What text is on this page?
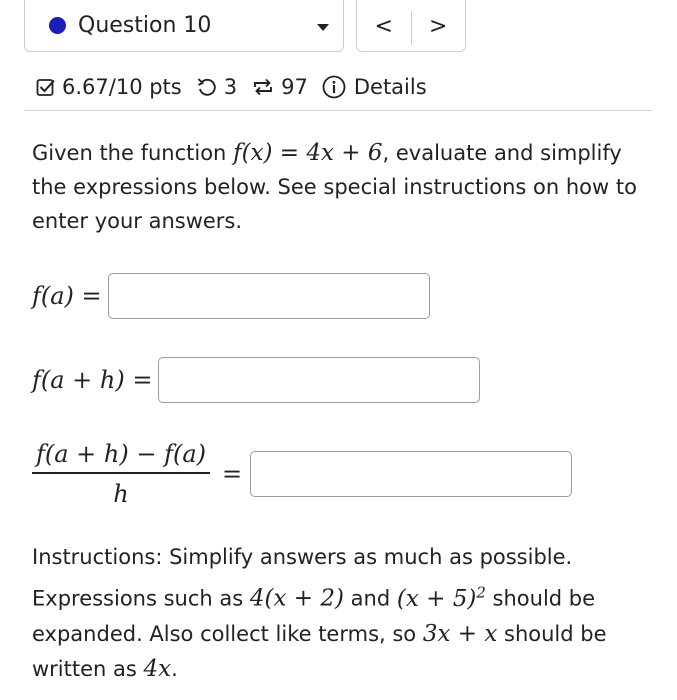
Question 10	<	>
6.67/10 pts 3 97 Details
Given the function f(x) = 4x + 6, evaluate and simplify the expressions below. See special instructions on how to enter your answers.
f(a) =
f(a + h) =
$\frac{f(a + h) - f(a)}{h}$ =
Instructions: Simplify answers as much as possible. Expressions such as 4(x + 2) and $(x + 5)^2$ should be expanded. Also collect like terms, so 3x + x should be written as 4x.
